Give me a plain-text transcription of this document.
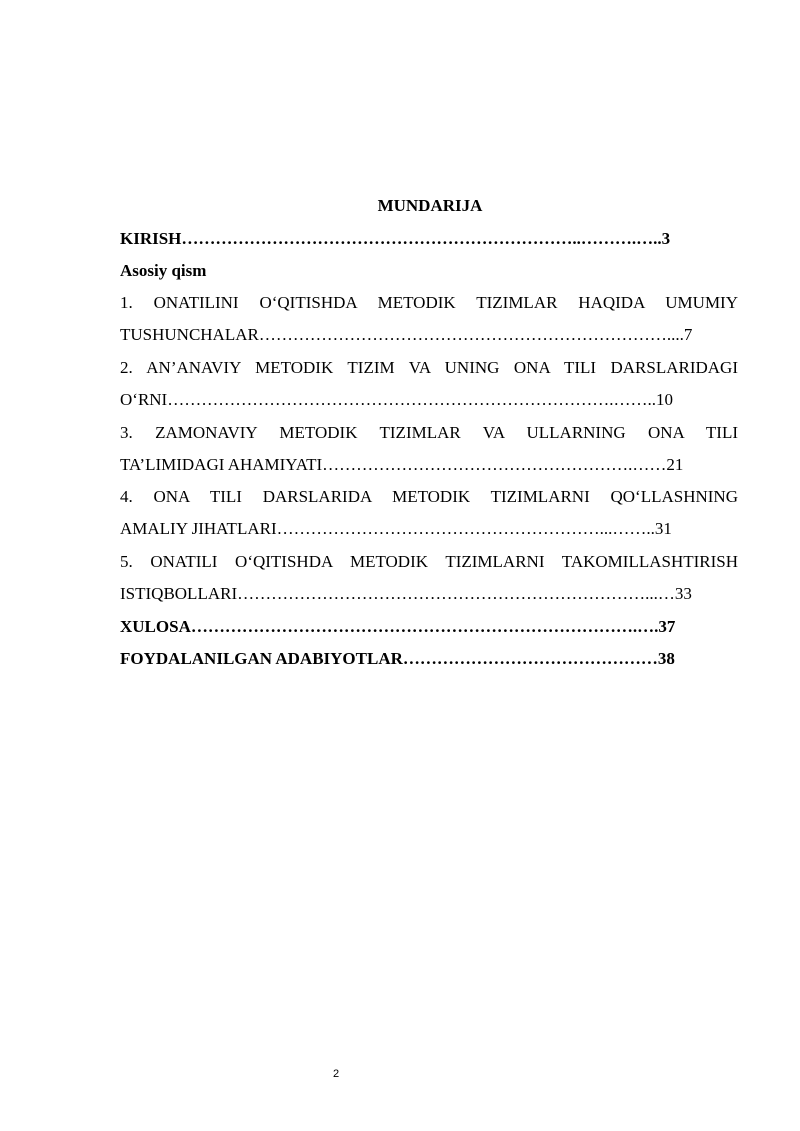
MUNDARIJA
KIRISH……………………………………………………………..……….…..3
Asosiy qism
1. ONATILINI O‘QITISHDA METODIK TIZIMLAR HAQIDA UMUMIY
TUSHUNCHALAR………………………………………………………………....7
2. AN’ANAVIY METODIK TIZIM VA UNING ONA TILI DARSLARIDAGI
O‘RNI…………………………………………………………………….……..10
3. ZAMONAVIY METODIK TIZIMLAR VA ULLARNING ONA TILI
TA’LIMIDAGI AHAMIYATI……………………………………………….……21
4. ONA TILI DARSLARIDA METODIK TIZIMLARNI QO‘LLASHNING
AMALIY JIHATLARI…………………………………………………...……..31
5. ONATILI O‘QITISHDA METODIK TIZIMLARNI TAKOMILLASHTIRISH
ISTIQBOLLARI………………………………………………………………...…33
XULOSA…………………………………………………………………….….37
FOYDALANILGAN ADABIYOTLAR………………………………………38
2
